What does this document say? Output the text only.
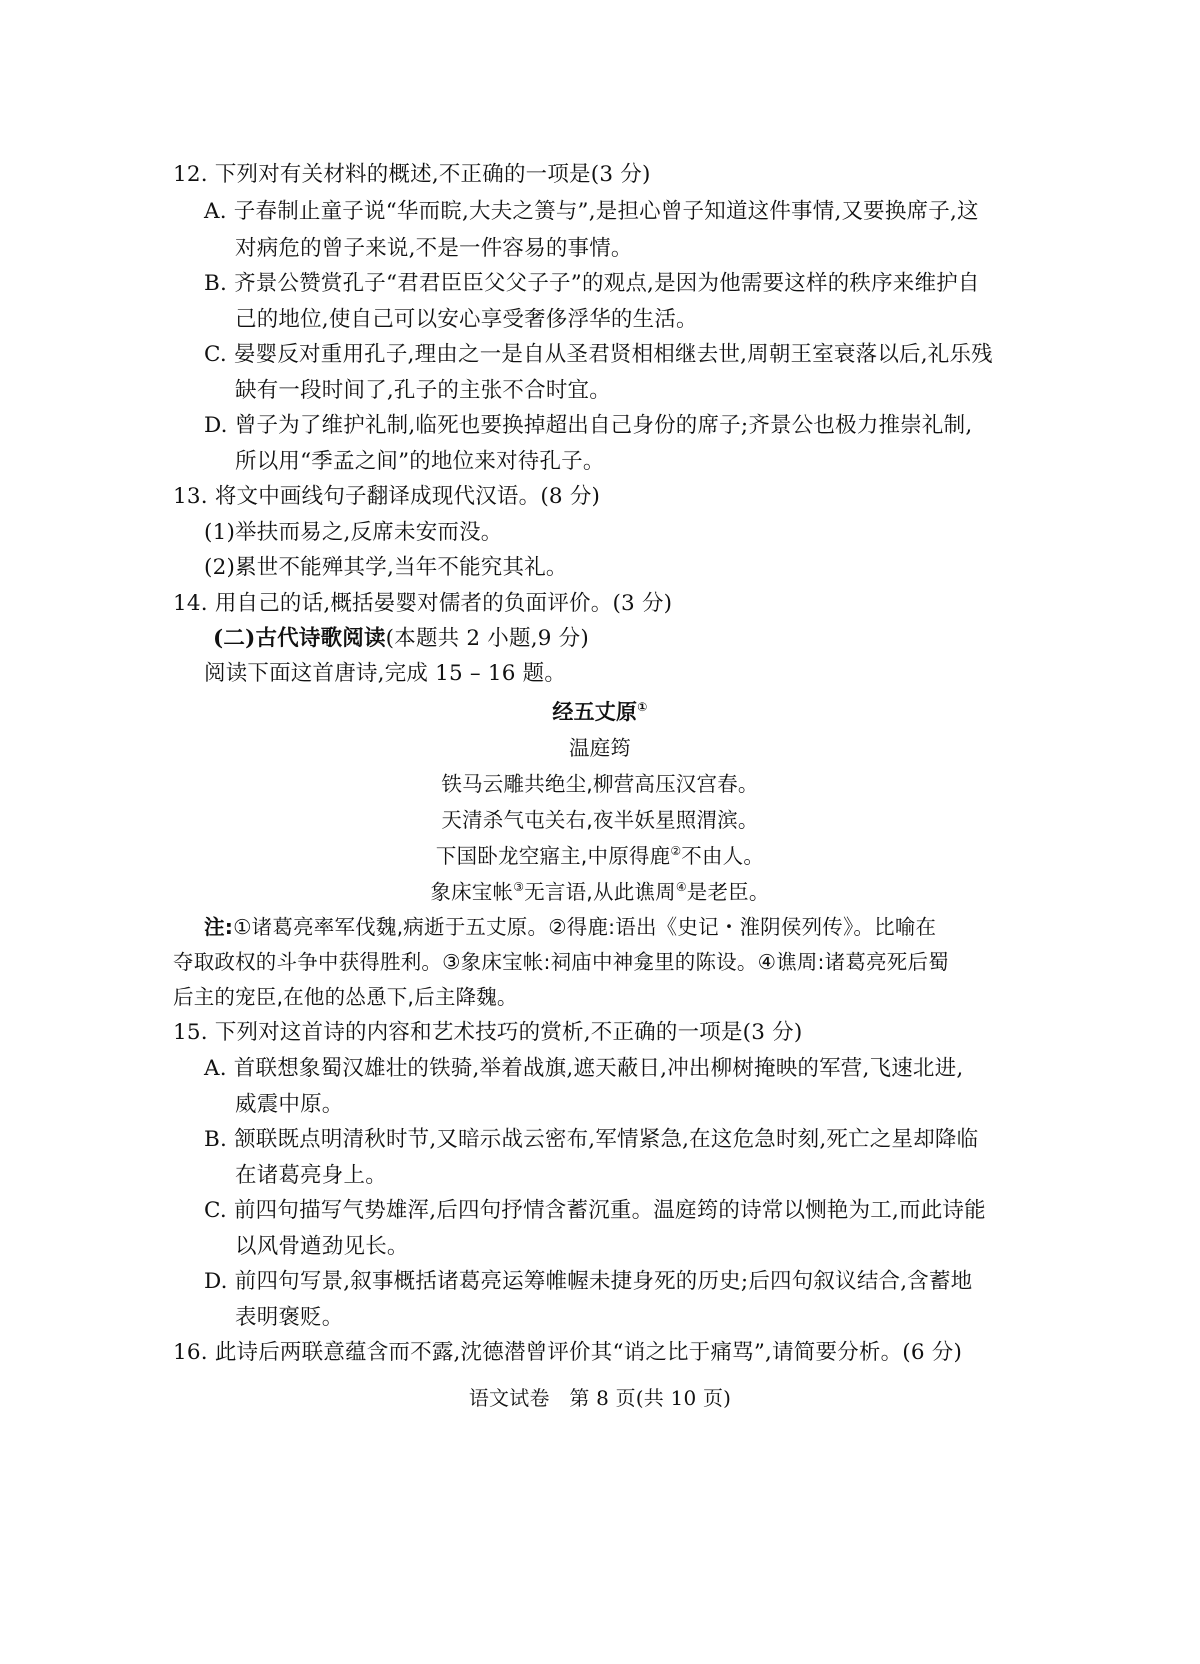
12. 下列对有关材料的概述,不正确的一项是(3 分)
A. 子春制止童子说“华而睆,大夫之箦与”,是担心曾子知道这件事情,又要换席子,这
对病危的曾子来说,不是一件容易的事情。
B. 齐景公赞赏孔子“君君臣臣父父子子”的观点,是因为他需要这样的秩序来维护自
己的地位,使自己可以安心享受奢侈浮华的生活。
C. 晏婴反对重用孔子,理由之一是自从圣君贤相相继去世,周朝王室衰落以后,礼乐残
缺有一段时间了,孔子的主张不合时宜。
D. 曾子为了维护礼制,临死也要换掉超出自己身份的席子;齐景公也极力推崇礼制,
所以用“季孟之间”的地位来对待孔子。
13. 将文中画线句子翻译成现代汉语。(8 分)
(1)举扶而易之,反席未安而没。
(2)累世不能殚其学,当年不能究其礼。
14. 用自己的话,概括晏婴对儒者的负面评价。(3 分)
(二)古代诗歌阅读(本题共 2 小题,9 分)
阅读下面这首唐诗,完成 15 – 16 题。
经五丈原①
温庭筠
铁马云雕共绝尘,柳营高压汉宫春。
天清杀气屯关右,夜半妖星照渭滨。
下国卧龙空寤主,中原得鹿②不由人。
象床宝帐③无言语,从此谯周④是老臣。
注:①诸葛亮率军伐魏,病逝于五丈原。②得鹿:语出《史记・淮阴侯列传》。比喻在
夺取政权的斗争中获得胜利。③象床宝帐:祠庙中神龛里的陈设。④谯周:诸葛亮死后蜀
后主的宠臣,在他的怂恿下,后主降魏。
15. 下列对这首诗的内容和艺术技巧的赏析,不正确的一项是(3 分)
A. 首联想象蜀汉雄壮的铁骑,举着战旗,遮天蔽日,冲出柳树掩映的军营,飞速北进,
威震中原。
B. 颔联既点明清秋时节,又暗示战云密布,军情紧急,在这危急时刻,死亡之星却降临
在诸葛亮身上。
C. 前四句描写气势雄浑,后四句抒情含蓄沉重。温庭筠的诗常以恻艳为工,而此诗能
以风骨遒劲见长。
D. 前四句写景,叙事概括诸葛亮运筹帷幄未捷身死的历史;后四句叙议结合,含蓄地
表明褒贬。
16. 此诗后两联意蕴含而不露,沈德潜曾评价其“诮之比于痛骂”,请简要分析。(6 分)
语文试卷   第 8 页(共 10 页)
